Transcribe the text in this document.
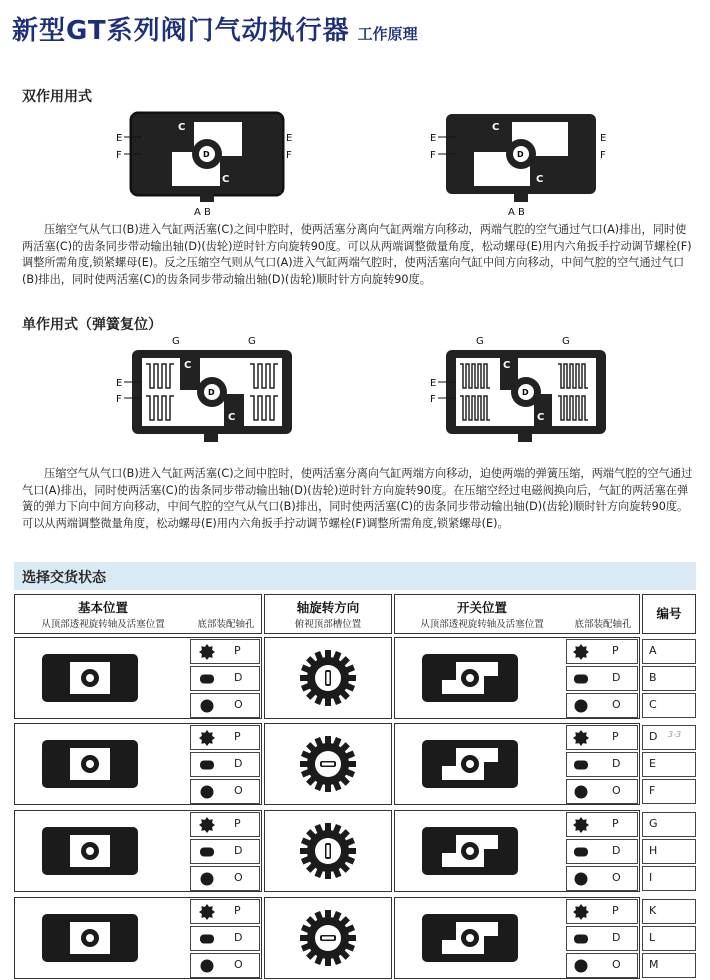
新型GT系列阀门气动执行器 工作原理
双作用用式
C
C
D
E
F
E
F
A B
C
C
D
E
F
E
F
A B
压缩空气从气口(B)进入气缸两活塞(C)之间中腔时，使两活塞分离向气缸两端方向移动，两端气腔的空气通过气口(A)排出，同时使两活塞(C)的齿条同步带动输出轴(D)(齿轮)逆时针方向旋转90度。可以从两端调整微量角度，松动螺母(E)用内六角扳手拧动调节螺栓(F)调整所需角度,锁紧螺母(E)。反之压缩空气则从气口(A)进入气缸两端气腔时，使两活塞向气缸中间方向移动，中间气腔的空气通过气口(B)排出，同时使两活塞(C)的齿条同步带动输出轴(D)(齿轮)顺时针方向旋转90度。
单作用式（弹簧复位）
G	G
C
C
D
E
F
G	G
C
C
D
E
F
压缩空气从气口(B)进入气缸两活塞(C)之间中腔时，使两活塞分离向气缸两端方向移动，迫使两端的弹簧压缩，两端气腔的空气通过气口(A)排出，同时使两活塞(C)的齿条同步带动输出轴(D)(齿轮)逆时针方向旋转90度。在压缩空经过电磁阀换向后，气缸的两活塞在弹簧的弹力下向中间方向移动，中间气腔的空气从气口(B)排出，同时使两活塞(C)的齿条同步带动输出轴(D)(齿轮)顺时针方向旋转90度。可以从两端调整微量角度，松动螺母(E)用内六角扳手拧动调节螺栓(F)调整所需角度,锁紧螺母(E)。
选择交货状态
基本位置
从顶部透视旋转轴及活塞位置	底部装配轴孔
轴旋转方向
俯视顶部槽位置
开关位置
从顶部透视旋转轴及活塞位置	底部装配轴孔
编号
P	P	A
D	D	B
O	O	C
P	P	D
D	D	E
O	O	F
P	P	G
D	D	H
O	O	I
P	P	K
D	D	L
O	O	M
3-3
